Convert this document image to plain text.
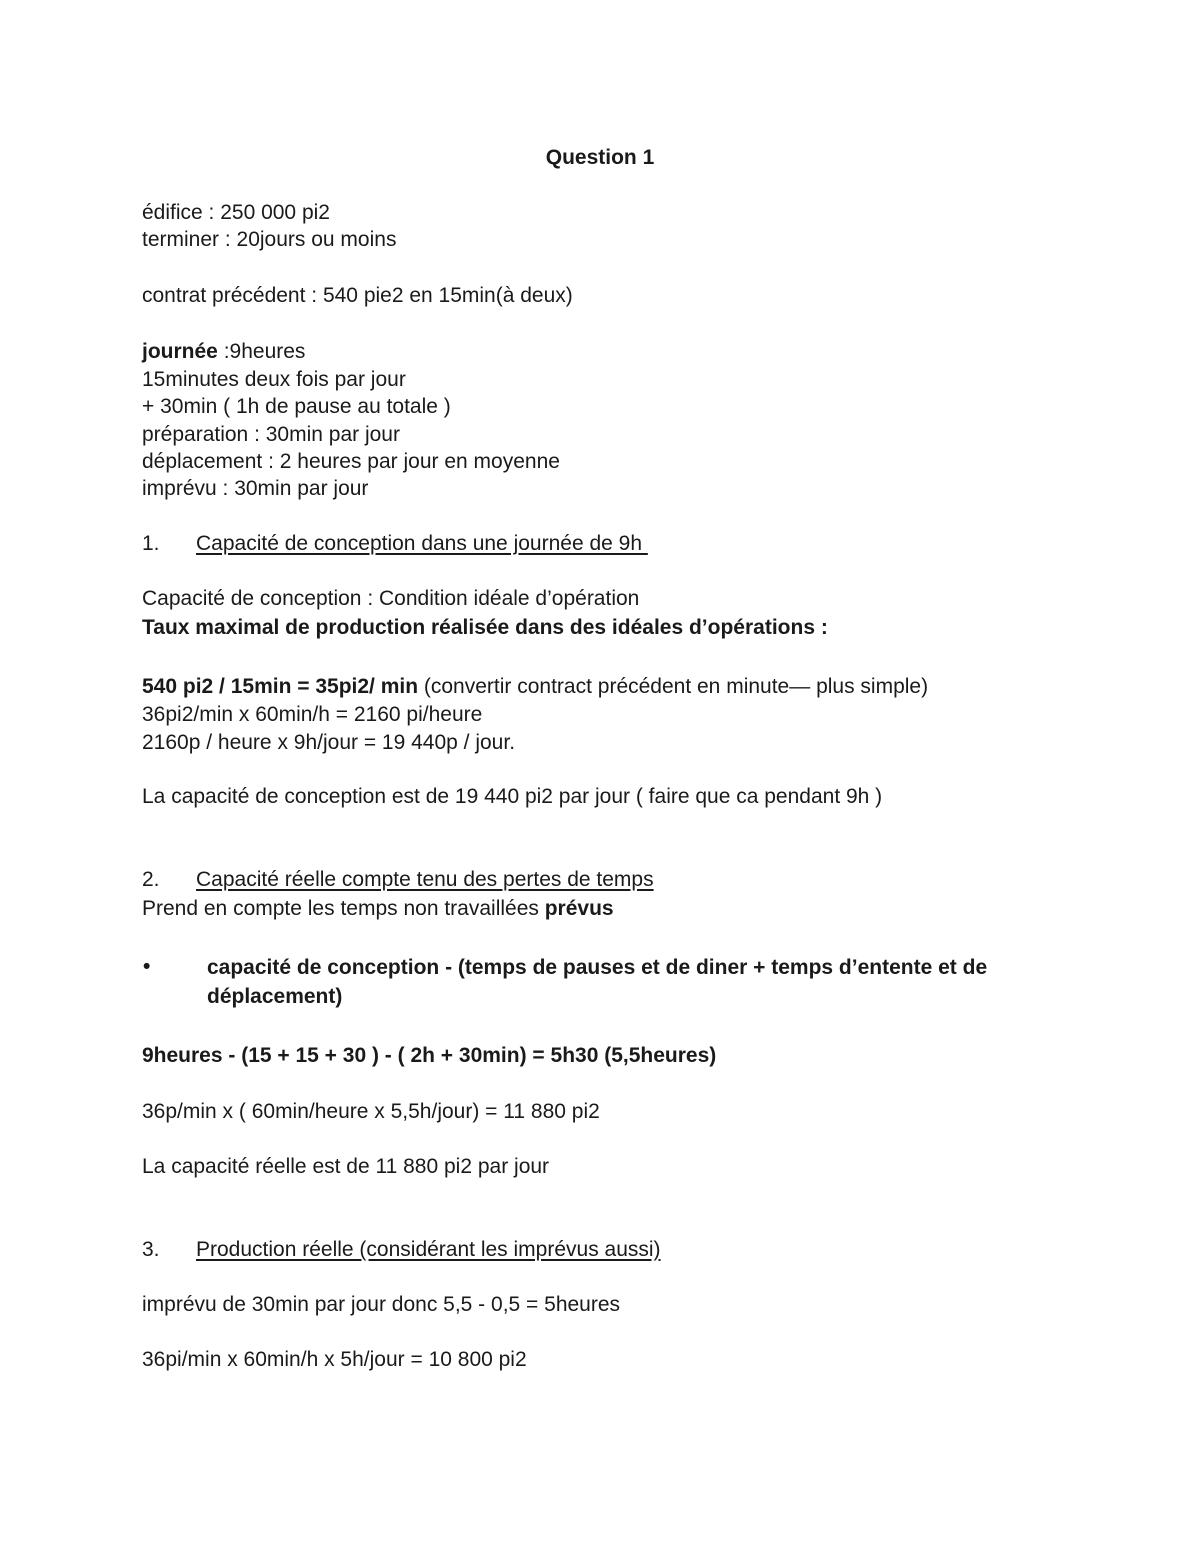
Question 1
édifice : 250 000 pi2
terminer : 20jours ou moins
contrat précédent : 540 pie2 en 15min(à deux)
journée :9heures
15minutes deux fois par jour
+ 30min ( 1h de pause au totale )
préparation : 30min par jour
déplacement : 2 heures par jour en moyenne
imprévu : 30min par jour
1. Capacité de conception dans une journée de 9h
Capacité de conception : Condition idéale d’opération
Taux maximal de production réalisée dans des idéales d’opérations :
540 pi2 / 15min = 35pi2/ min (convertir contract précédent en minute— plus simple)
36pi2/min x 60min/h = 2160 pi/heure
2160p / heure x 9h/jour = 19 440p / jour.
La capacité de conception est de 19 440 pi2 par jour ( faire que ca pendant 9h )
2. Capacité réelle compte tenu des pertes de temps
Prend en compte les temps non travaillées prévus
•	capacité de conception - (temps de pauses et de diner + temps d’entente et de déplacement)
9heures - (15 + 15 + 30 ) - ( 2h + 30min) = 5h30 (5,5heures)
36p/min x ( 60min/heure x 5,5h/jour) = 11 880 pi2
La capacité réelle est de 11 880 pi2 par jour
3. Production réelle (considérant les imprévus aussi)
imprévu de 30min par jour donc 5,5 - 0,5 = 5heures
36pi/min x 60min/h x 5h/jour = 10 800 pi2
